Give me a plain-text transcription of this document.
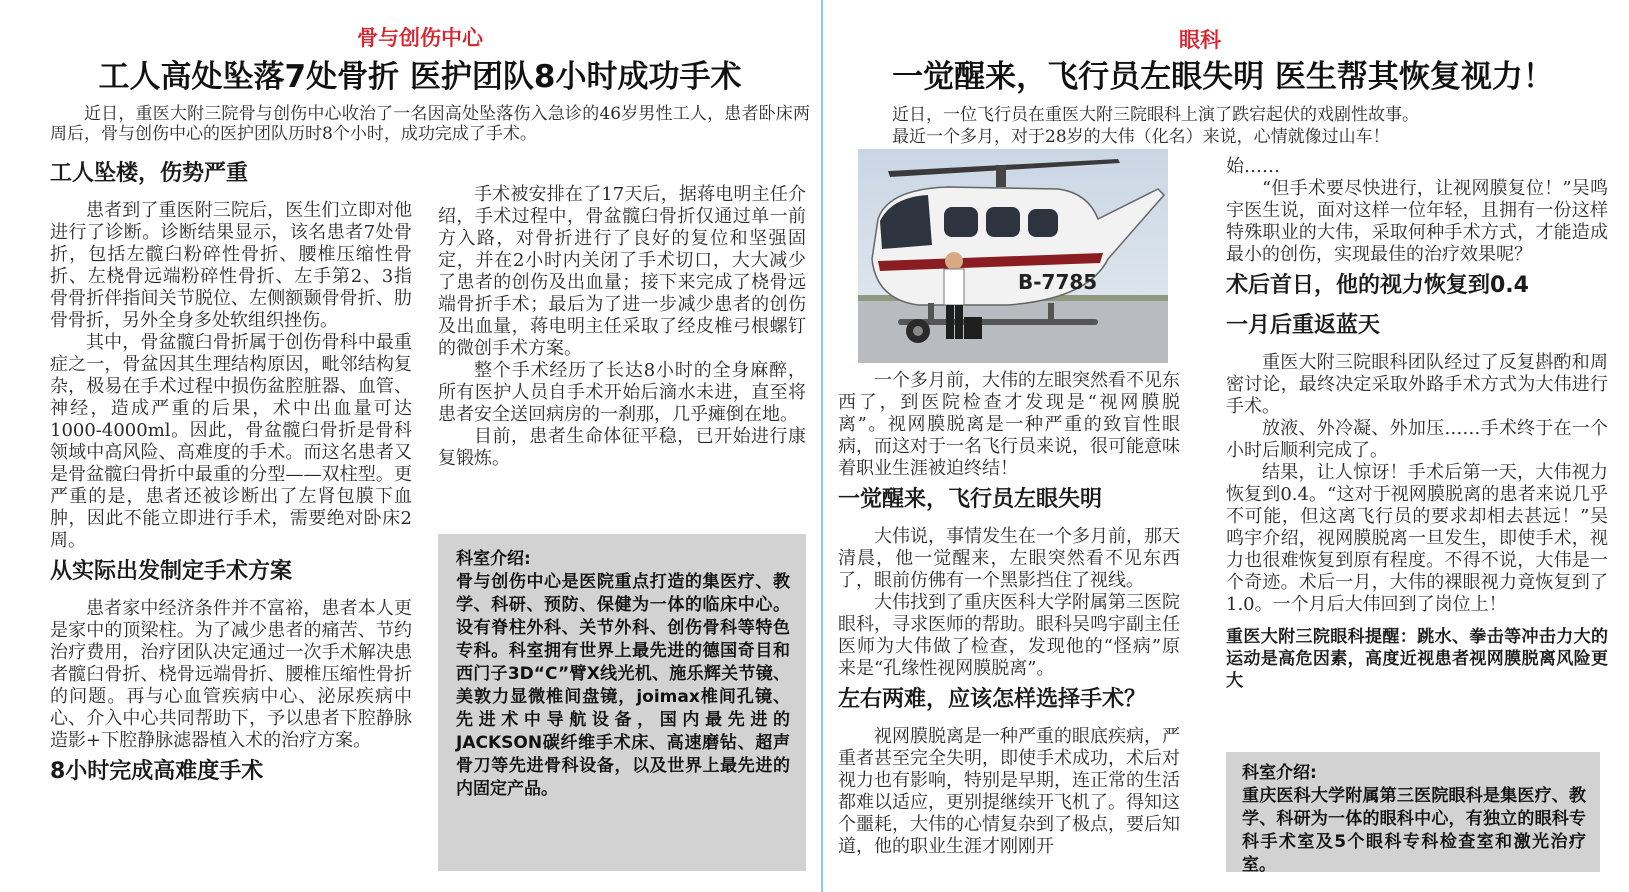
骨与创伤中心
工人高处坠落7处骨折 医护团队8小时成功手术
近日，重医大附三院骨与创伤中心收治了一名因高处坠落伤入急诊的46岁男性工人，患者卧床两周后，骨与创伤中心的医护团队历时8个小时，成功完成了手术。
工人坠楼，伤势严重

患者到了重医附三院后，医生们立即对他进行了诊断。诊断结果显示，该名患者7处骨折，包括左髋臼粉碎性骨折、腰椎压缩性骨折、左桡骨远端粉碎性骨折、左手第2、3指骨骨折伴指间关节脱位、左侧额颞骨骨折、肋骨骨折，另外全身多处软组织挫伤。

其中，骨盆髋臼骨折属于创伤骨科中最重症之一，骨盆因其生理结构原因，毗邻结构复杂，极易在手术过程中损伤盆腔脏器、血管、神经，造成严重的后果，术中出血量可达1000-4000ml。因此，骨盆髋臼骨折是骨科领域中高风险、高难度的手术。而这名患者又是骨盆髋臼骨折中最重的分型——双柱型。更严重的是，患者还被诊断出了左肾包膜下血肿，因此不能立即进行手术，需要绝对卧床2周。

从实际出发制定手术方案

患者家中经济条件并不富裕，患者本人更是家中的顶梁柱。为了减少患者的痛苦、节约治疗费用，治疗团队决定通过一次手术解决患者髋臼骨折、桡骨远端骨折、腰椎压缩性骨折的问题。再与心血管疾病中心、泌尿疾病中心、介入中心共同帮助下，予以患者下腔静脉造影+下腔静脉滤器植入术的治疗方案。

8小时完成高难度手术

手术被安排在了17天后，据蒋电明主任介绍，手术过程中，骨盆髋臼骨折仅通过单一前方入路，对骨折进行了良好的复位和坚强固定，并在2小时内关闭了手术切口，大大减少了患者的创伤及出血量；接下来完成了桡骨远端骨折手术；最后为了进一步减少患者的创伤及出血量，蒋电明主任采取了经皮椎弓根螺钉的微创手术方案。

整个手术经历了长达8小时的全身麻醉，所有医护人员自手术开始后滴水未进，直至将患者安全送回病房的一刹那，几乎瘫倒在地。

目前，患者生命体征平稳，已开始进行康复锻炼。

科室介绍:
骨与创伤中心是医院重点打造的集医疗、教学、科研、预防、保健为一体的临床中心。设有脊柱外科、关节外科、创伤骨科等特色专科。科室拥有世界上最先进的德国奇目和西门子3D“C”臂X线光机、施乐辉关节镜、美敦力显微椎间盘镜，joimax椎间孔镜、先进术中导航设备，国内最先进的JACKSON碳纤维手术床、高速磨钻、超声骨刀等先进骨科设备，以及世界上最先进的内固定产品。
眼科
一觉醒来，飞行员左眼失明 医生帮其恢复视力！
近日，一位飞行员在重医大附三院眼科上演了跌宕起伏的戏剧性故事。
最近一个多月，对于28岁的大伟（化名）来说，心情就像过山车！
B-7785

一个多月前，大伟的左眼突然看不见东西了，到医院检查才发现是“视网膜脱离”。视网膜脱离是一种严重的致盲性眼病，而这对于一名飞行员来说，很可能意味着职业生涯被迫终结！

一觉醒来，飞行员左眼失明

大伟说，事情发生在一个多月前，那天清晨，他一觉醒来，左眼突然看不见东西了，眼前仿佛有一个黑影挡住了视线。

大伟找到了重庆医科大学附属第三医院眼科，寻求医师的帮助。眼科吴鸣宇副主任医师为大伟做了检查，发现他的“怪病”原来是“孔缘性视网膜脱离”。

左右两难，应该怎样选择手术？

视网膜脱离是一种严重的眼底疾病，严重者甚至完全失明，即使手术成功，术后对视力也有影响，特别是早期，连正常的生活都难以适应，更别提继续开飞机了。得知这个噩耗，大伟的心情复杂到了极点，要后知道，他的职业生涯才刚刚开

始……

“但手术要尽快进行，让视网膜复位！”吴鸣宇医生说，面对这样一位年轻，且拥有一份这样特殊职业的大伟，采取何种手术方式，才能造成最小的创伤，实现最佳的治疗效果呢？

术后首日，他的视力恢复到0.4
一月后重返蓝天

重医大附三院眼科团队经过了反复斟酌和周密讨论，最终决定采取外路手术方式为大伟进行手术。

放液、外冷凝、外加压……手术终于在一个小时后顺利完成了。

结果，让人惊讶！手术后第一天，大伟视力恢复到0.4。“这对于视网膜脱离的患者来说几乎不可能，但这离飞行员的要求却相去甚远！”吴鸣宇介绍，视网膜脱离一旦发生，即使手术，视力也很难恢复到原有程度。不得不说，大伟是一个奇迹。术后一月，大伟的裸眼视力竟恢复到了1.0。一个月后大伟回到了岗位上！

重医大附三院眼科提醒：跳水、拳击等冲击力大的运动是高危因素，高度近视患者视网膜脱离风险更大

科室介绍:
重庆医科大学附属第三医院眼科是集医疗、教学、科研为一体的眼科中心，有独立的眼科专科手术室及5个眼科专科检查室和激光治疗室。
